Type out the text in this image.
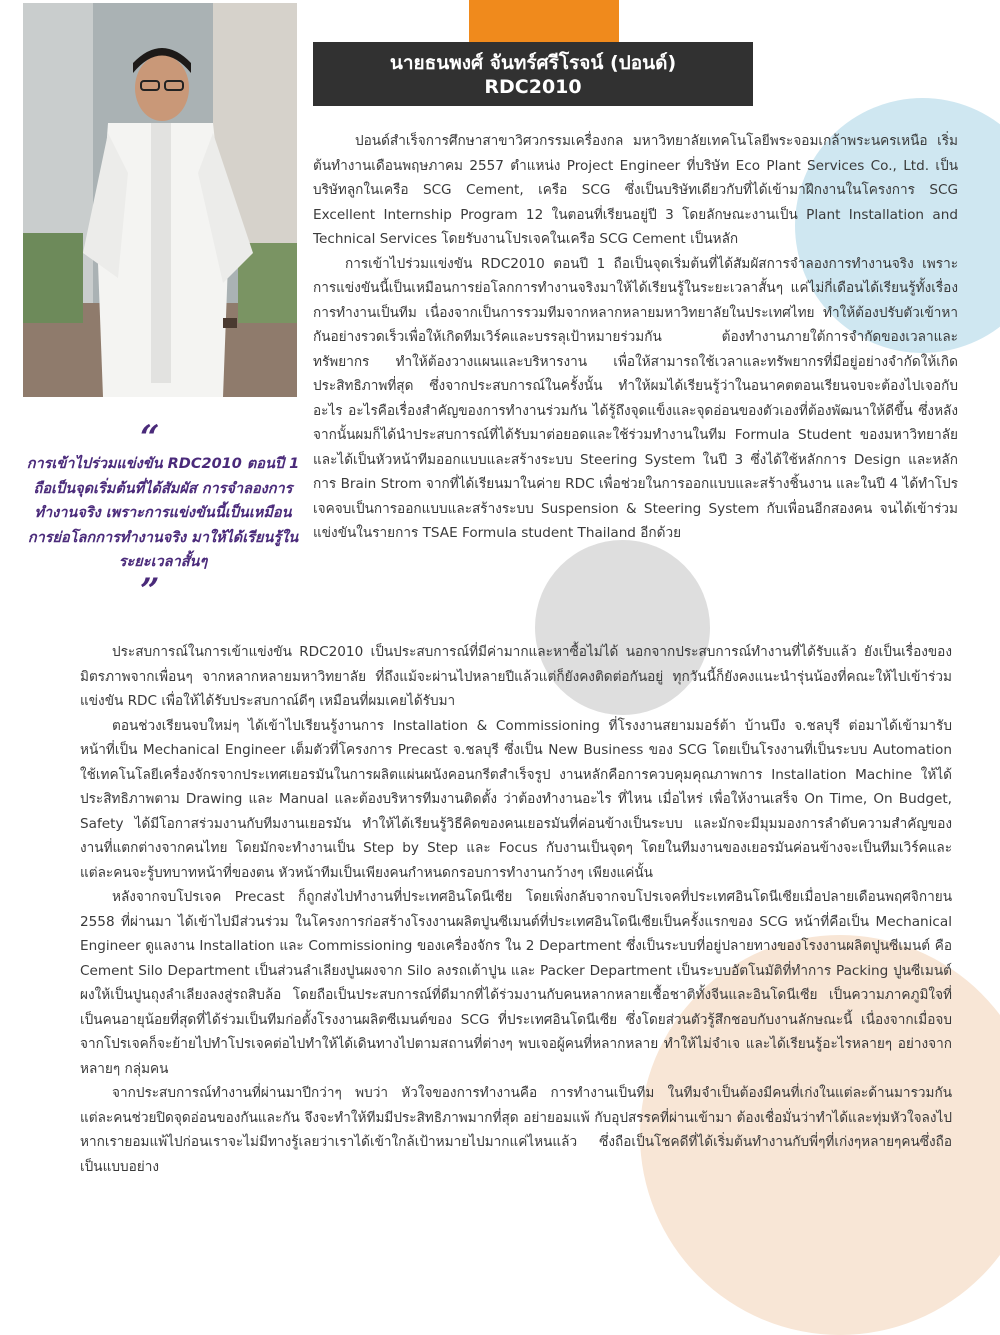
นายธนพงศ์ จันทร์ศรีโรจน์ (ปอนด์)
RDC2010
“
การเข้าไปร่วมแข่งขัน RDC2010 ตอนปี 1 ถือเป็นจุดเริ่มต้นที่ได้สัมผัส การจำลองการทำงานจริง เพราะการแข่งขันนี้เป็นเหมือน การย่อโลกการทำงานจริง มาให้ได้เรียนรู้ในระยะเวลาสั้นๆ
”

ปอนด์สำเร็จการศึกษาสาขาวิศวกรรมเครื่องกล มหาวิทยาลัยเทคโนโลยีพระจอมเกล้าพระนครเหนือ เริ่มต้นทำงานเดือนพฤษภาคม 2557 ตำแหน่ง Project Engineer ที่บริษัท Eco Plant Services Co., Ltd. เป็นบริษัทลูกในเครือ SCG Cement, เครือ SCG ซึ่งเป็นบริษัทเดียวกับที่ได้เข้ามาฝึกงานในโครงการ SCG Excellent Internship Program 12 ในตอนที่เรียนอยู่ปี 3 โดยลักษณะงานเป็น Plant Installation and Technical Services โดยรับงานโปรเจคในเครือ SCG Cement เป็นหลัก

การเข้าไปร่วมแข่งขัน RDC2010 ตอนปี 1 ถือเป็นจุดเริ่มต้นที่ได้สัมผัสการจำลองการทำงานจริง เพราะการแข่งขันนี้เป็นเหมือนการย่อโลกการทำงานจริงมาให้ได้เรียนรู้ในระยะเวลาสั้นๆ แค่ไม่กี่เดือนได้เรียนรู้ทั้งเรื่องการทำงานเป็นทีม เนื่องจากเป็นการรวมทีมจากหลากหลายมหาวิทยาลัยในประเทศไทย ทำให้ต้องปรับตัวเข้าหากันอย่างรวดเร็วเพื่อให้เกิดทีมเวิร์คและบรรลุเป้าหมายร่วมกัน ต้องทำงานภายใต้การจำกัดของเวลาและทรัพยากร ทำให้ต้องวางแผนและบริหารงาน เพื่อให้สามารถใช้เวลาและทรัพยากรที่มีอยู่อย่างจำกัดให้เกิดประสิทธิภาพที่สุด ซึ่งจากประสบการณ์ในครั้งนั้น ทำให้ผมได้เรียนรู้ว่าในอนาคตตอนเรียนจบจะต้องไปเจอกับอะไร อะไรคือเรื่องสำคัญของการทำงานร่วมกัน ได้รู้ถึงจุดแข็งและจุดอ่อนของตัวเองที่ต้องพัฒนาให้ดีขึ้น ซึ่งหลังจากนั้นผมก็ได้นำประสบการณ์ที่ได้รับมาต่อยอดและใช้ร่วมทำงานในทีม Formula Student ของมหาวิทยาลัย และได้เป็นหัวหน้าทีมออกแบบและสร้างระบบ Steering System ในปี 3 ซึ่งได้ใช้หลักการ Design และหลักการ Brain Strom จากที่ได้เรียนมาในค่าย RDC เพื่อช่วยในการออกแบบและสร้างชิ้นงาน และในปี 4 ได้ทำโปรเจคจบเป็นการออกแบบและสร้างระบบ Suspension & Steering System กับเพื่อนอีกสองคน จนได้เข้าร่วมแข่งขันในรายการ TSAE Formula student Thailand อีกด้วย

ประสบการณ์ในการเข้าแข่งขัน RDC2010 เป็นประสบการณ์ที่มีค่ามากและหาซื้อไม่ได้ นอกจากประสบการณ์ทำงานที่ได้รับแล้ว ยังเป็นเรื่องของมิตรภาพจากเพื่อนๆ จากหลากหลายมหาวิทยาลัย ที่ถึงแม้จะผ่านไปหลายปีแล้วแต่ก็ยังคงติดต่อกันอยู่ ทุกวันนี้ก็ยังคงแนะนำรุ่นน้องที่คณะให้ไปเข้าร่วมแข่งขัน RDC เพื่อให้ได้รับประสบกาณ์ดีๆ เหมือนที่ผมเคยได้รับมา

ตอนช่วงเรียนจบใหม่ๆ ได้เข้าไปเรียนรู้งานการ Installation & Commissioning ที่โรงงานสยามมอร์ต้า บ้านบึง จ.ชลบุรี ต่อมาได้เข้ามารับหน้าที่เป็น Mechanical Engineer เต็มตัวที่โครงการ Precast จ.ชลบุรี ซึ่งเป็น New Business ของ SCG โดยเป็นโรงงานที่เป็นระบบ Automation ใช้เทคโนโลยีเครื่องจักรจากประเทศเยอรมันในการผลิตแผ่นผนังคอนกรีตสำเร็จรูป งานหลักคือการควบคุมคุณภาพการ Installation Machine ให้ได้ประสิทธิภาพตาม Drawing และ Manual และต้องบริหารทีมงานติดตั้ง ว่าต้องทำงานอะไร ที่ไหน เมื่อไหร่ เพื่อให้งานเสร็จ On Time, On Budget, Safety ได้มีโอกาสร่วมงานกับทีมงานเยอรมัน ทำให้ได้เรียนรู้วิธีคิดของคนเยอรมันที่ค่อนข้างเป็นระบบ และมักจะมีมุมมองการลำดับความสำคัญของงานที่แตกต่างจากคนไทย โดยมักจะทำงานเป็น Step by Step และ Focus กับงานเป็นจุดๆ โดยในทีมงานของเยอรมันค่อนข้างจะเป็นทีมเวิร์คและแต่ละคนจะรู้บทบาทหน้าที่ของตน หัวหน้าทีมเป็นเพียงคนกำหนดกรอบการทำงานกว้างๆ เพียงแค่นั้น

หลังจากจบโปรเจค Precast ก็ถูกส่งไปทำงานที่ประเทศอินโดนีเซีย โดยเพิ่งกลับจากจบโปรเจคที่ประเทศอินโดนีเซียเมื่อปลายเดือนพฤศจิกายน 2558 ที่ผ่านมา ได้เข้าไปมีส่วนร่วม ในโครงการก่อสร้างโรงงานผลิตปูนซีเมนต์ที่ประเทศอินโดนีเซียเป็นครั้งแรกของ SCG หน้าที่คือเป็น Mechanical Engineer ดูแลงาน Installation และ Commissioning ของเครื่องจักร ใน 2 Department ซึ่งเป็นระบบที่อยู่ปลายทางของโรงงานผลิตปูนซีเมนต์ คือ Cement Silo Department เป็นส่วนลำเลียงปูนผงจาก Silo ลงรถเต้าปูน และ Packer Department เป็นระบบอัตโนมัติที่ทำการ Packing ปูนซีเมนต์ผงให้เป็นปูนถุงลำเลียงลงสู่รถสิบล้อ โดยถือเป็นประสบการณ์ที่ดีมากที่ได้ร่วมงานกับคนหลากหลายเชื้อชาติทั้งจีนและอินโดนีเซีย เป็นความภาคภูมิใจที่เป็นคนอายุน้อยที่สุดที่ได้ร่วมเป็นทีมก่อตั้งโรงงานผลิตซีเมนต์ของ SCG ที่ประเทศอินโดนีเซีย ซึ่งโดยส่วนตัวรู้สึกชอบกับงานลักษณะนี้ เนื่องจากเมื่อจบจากโปรเจคก็จะย้ายไปทำโปรเจคต่อไปทำให้ได้เดินทางไปตามสถานที่ต่างๆ พบเจอผู้คนที่หลากหลาย ทำให้ไม่จำเจ และได้เรียนรู้อะไรหลายๆ อย่างจากหลายๆ กลุ่มคน

จากประสบการณ์ทำงานที่ผ่านมาปีกว่าๆ พบว่า หัวใจของการทำงานคือ การทำงานเป็นทีม ในทีมจำเป็นต้องมีคนที่เก่งในแต่ละด้านมารวมกัน แต่ละคนช่วยปิดจุดอ่อนของกันและกัน จึงจะทำให้ทีมมีประสิทธิภาพมากที่สุด อย่ายอมแพ้ กับอุปสรรคที่ผ่านเข้ามา ต้องเชื่อมั่นว่าทำได้และทุ่มหัวใจลงไป หากเรายอมแพ้ไปก่อนเราจะไม่มีทางรู้เลยว่าเราได้เข้าใกล้เป้าหมายไปมากแค่ไหนแล้ว ซึ่งถือเป็นโชคดีที่ได้เริ่มต้นทำงานกับพี่ๆที่เก่งๆหลายๆคนซึ่งถือเป็นแบบอย่าง
